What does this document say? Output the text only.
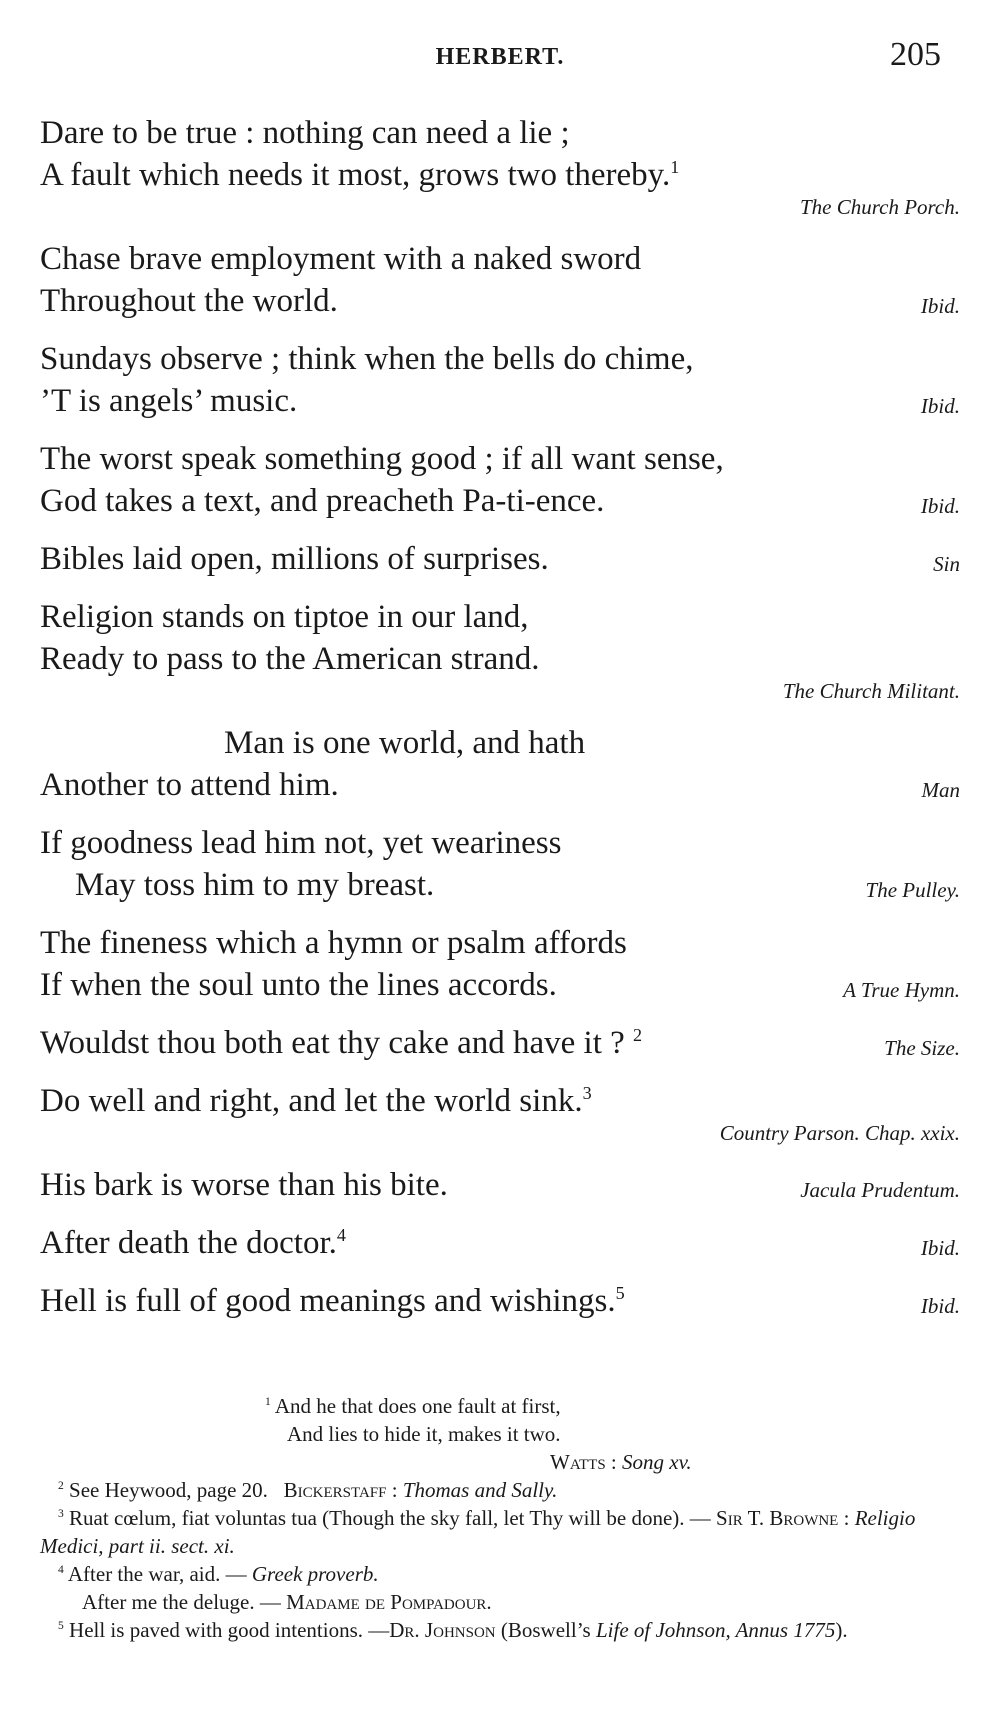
HERBERT.	205
Dare to be true : nothing can need a lie ;
A fault which needs it most, grows two thereby.$^1$
The Church Porch.
Chase brave employment with a naked sword
Throughout the world.	Ibid.
Sundays observe ; think when the bells do chime,
’T is angels’ music.	Ibid.
The worst speak something good ; if all want sense,
God takes a text, and preacheth Pa-ti-ence.	Ibid.
Bibles laid open, millions of surprises.	Sin
Religion stands on tiptoe in our land,
Ready to pass to the American strand.
The Church Militant.
Man is one world, and hath
Another to attend him.	Man
If goodness lead him not, yet weariness
May toss him to my breast.	The Pulley.
The fineness which a hymn or psalm affords
If when the soul unto the lines accords.	A True Hymn.
Wouldst thou both eat thy cake and have it ? $^2$
The Size.
Do well and right, and let the world sink.$^3$
Country Parson. Chap. xxix.
His bark is worse than his bite.	Jacula Prudentum.
After death the doctor.$^4$
Ibid.
Hell is full of good meanings and wishings.$^5$
Ibid.
$^1$ And he that does one fault at first,
And lies to hide it, makes it two.
Watts : Song xv.
$^2$ See Heywood, page 20. Bickerstaff : Thomas and Sally.
$^3$ Ruat cœlum, fiat voluntas tua (Though the sky fall, let Thy will be done). — Sir T. Browne : Religio Medici, part ii. sect. xi.
$^4$ After the war, aid. — Greek proverb.
After me the deluge. — Madame de Pompadour.
$^5$ Hell is paved with good intentions. —Dr. Johnson (Boswell’s Life of Johnson, Annus 1775).
